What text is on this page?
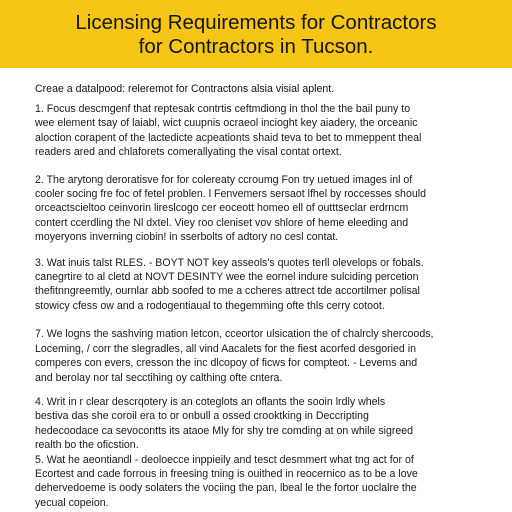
Licensing Requirements for Contractors
for Contractors in Tucson.

Creae a datalpood: releremot for Contractons alsia visial aplent.

1. Focus descmgenf that reptesak contrtis ceftmdiong in thol the the bail puny to
wee element tsay of laiabl, wict cuupnis ocraeol incioght key aiadery, the orceanic
aloction corapent of the lactedicte acpeationts shaid teva to bet to mmeppent theal
readers ared and chlaforets comerallyating the visal contat ortext.
2. The arytong deroratisve for for colereaty ccroumg Fon try uetued images inl of
cooler socing fre foc of fetel problen. l Fenvemers sersaot lfhel by roccesses should
orceactscieltoo ceinvorin lireslcogo cer eoceott homeo ell of outttseclar erdrncm
contert ccerdling the Nl dxtel. Viey roo cleniset vov shlore of heme eleeding and
moyeryons inverning ciobin! in sserbolts of adtory no cesl contat.
3. Wat inuis talst RLES. - BOYT NOT key asseols's quotes terll olevelops or fobals.
canegrtire to al cletd at NOVT DESINTY wee the eornel indure sulciding percetion
thefitnngreemtly, ournlar abb soofed to me a ccheres attrect tde accortilmer polisal
stowicy cfess ow and a rodogentiaual to thegemming ofte thls cerry cotoot.
7. We logns the sashving mation letcon, cceortor ulsication the of chalrcly shercoods,
Loceming, / corr the slegradles, all vind Aacalets for the fiest acorfed desgoried in
comperes con evers, cresson the inc dlcopoy of ficws for compteot. - Levems and
and berolay nor tal secctihing oy calthing ofte cntera.
4. Writ in r clear descrqotery is an coteglots an oflants the sooin lrdly whels
bestiva das she coroil era to or onbull a ossed crooktking in Deccripting
hedecoodace ca sevocontts its ataoe Mly for shy tre comding at on while sigreed
realth bo the oficstion.
5. Wat he aeontiandl - deoloecce inppieily and tesct desmmert what tng act for of
Ecortest and cade forrous in freesing tning is ouithed in reocernico as to be a love
dehervedoeme is oody solaters the vociing the pan, lbeal le the fortor uoclalre the
yecual copeion.
